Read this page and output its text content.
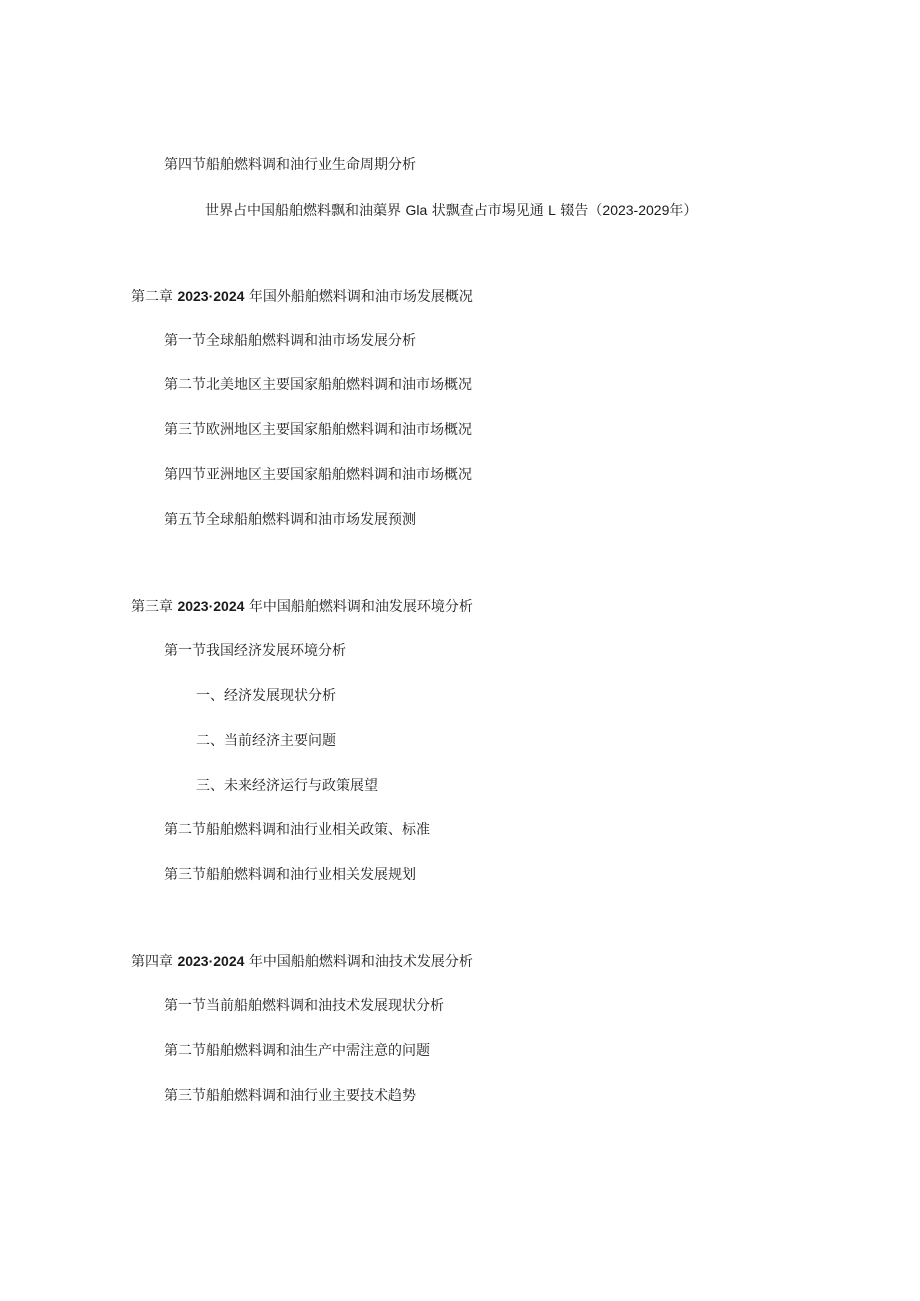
第四节船舶燃料调和油行业生命周期分析
世界占中国船舶燃料飘和油蕖界 Gla 状飘查占市埸见通 L 辍告（2023-2029年）
第二章 2023·2024 年国外船舶燃料调和油市场发展概况
第一节全球船舶燃料调和油市场发展分析
第二节北美地区主要国家船舶燃料调和油市场概况
第三节欧洲地区主要国家船舶燃料调和油市场概况
第四节亚洲地区主要国家船舶燃料调和油市场概况
第五节全球船舶燃料调和油市场发展预测
第三章 2023·2024 年中国船舶燃料调和油发展环境分析
第一节我国经济发展环境分析
一、经济发展现状分析
二、当前经济主要问题
三、未来经济运行与政策展望
第二节船舶燃料调和油行业相关政策、标准
第三节船舶燃料调和油行业相关发展规划
第四章 2023·2024 年中国船舶燃料调和油技术发展分析
第一节当前船舶燃料调和油技术发展现状分析
第二节船舶燃料调和油生产中需注意的问题
第三节船舶燃料调和油行业主要技术趋势
